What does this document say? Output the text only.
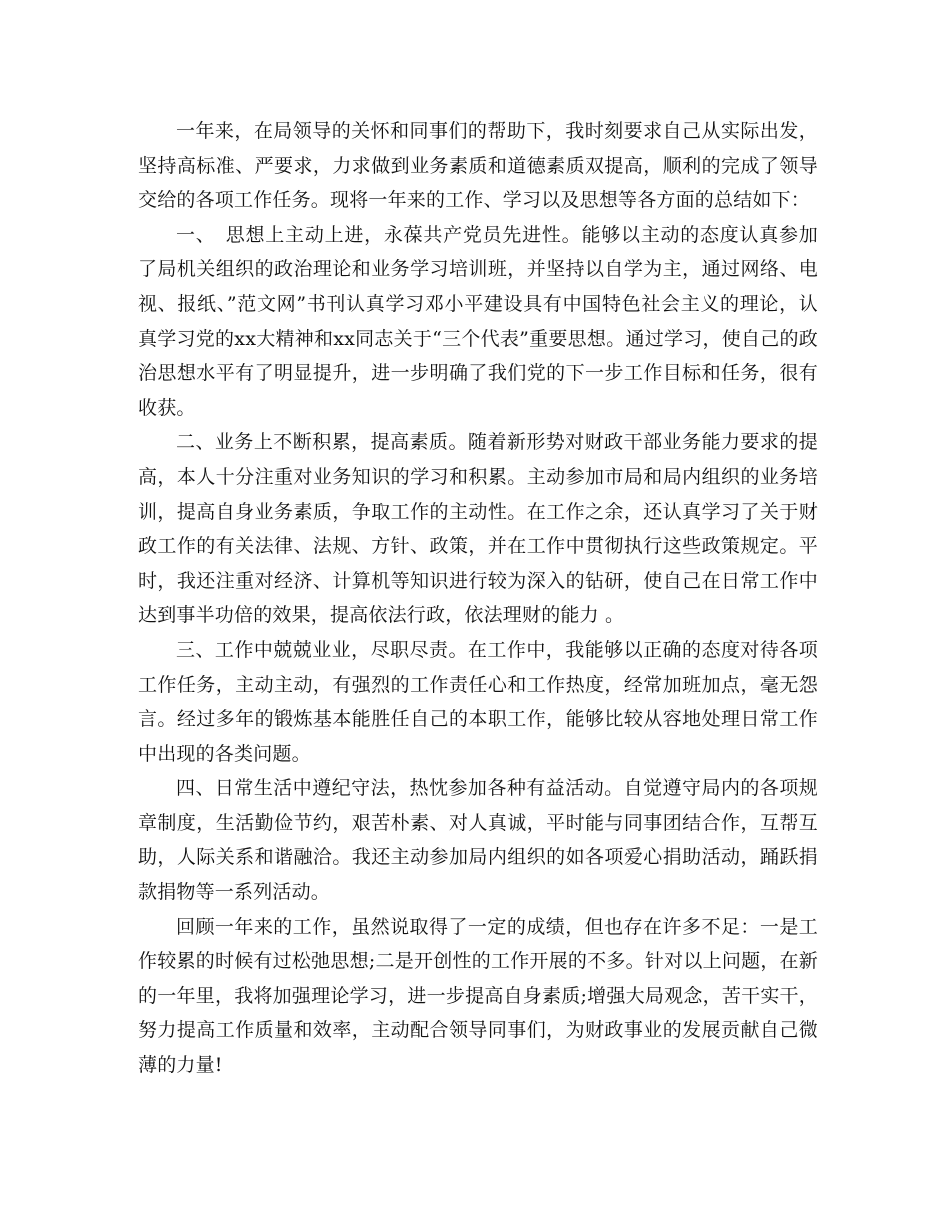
一年来，在局领导的关怀和同事们的帮助下，我时刻要求自己从实际出发，坚持高标准、严要求，力求做到业务素质和道德素质双提高，顺利的完成了领导交给的各项工作任务。现将一年来的工作、学习以及思想等各方面的总结如下：

一、　思想上主动上进，永葆共产党员先进性。能够以主动的态度认真参加了局机关组织的政治理论和业务学习培训班，并坚持以自学为主，通过网络、电视、报纸、”范文网”书刊认真学习邓小平建设具有中国特色社会主义的理论，认真学习党的xx大精神和xx同志关于“三个代表”重要思想。通过学习，使自己的政治思想水平有了明显提升，进一步明确了我们党的下一步工作目标和任务，很有收获。

二、业务上不断积累，提高素质。随着新形势对财政干部业务能力要求的提高，本人十分注重对业务知识的学习和积累。主动参加市局和局内组织的业务培训，提高自身业务素质，争取工作的主动性。在工作之余，还认真学习了关于财政工作的有关法律、法规、方针、政策，并在工作中贯彻执行这些政策规定。平时，我还注重对经济、计算机等知识进行较为深入的钻研，使自己在日常工作中达到事半功倍的效果，提高依法行政，依法理财的能力 。

三、工作中兢兢业业，尽职尽责。在工作中，我能够以正确的态度对待各项工作任务，主动主动，有强烈的工作责任心和工作热度，经常加班加点，毫无怨言。经过多年的锻炼基本能胜任自己的本职工作，能够比较从容地处理日常工作中出现的各类问题。

四、日常生活中遵纪守法，热忱参加各种有益活动。自觉遵守局内的各项规章制度，生活勤俭节约，艰苦朴素、对人真诚，平时能与同事团结合作，互帮互助，人际关系和谐融洽。我还主动参加局内组织的如各项爱心捐助活动，踊跃捐款捐物等一系列活动。

回顾一年来的工作，虽然说取得了一定的成绩，但也存在许多不足：一是工作较累的时候有过松弛思想;二是开创性的工作开展的不多。针对以上问题，在新的一年里，我将加强理论学习，进一步提高自身素质;增强大局观念，苦干实干，努力提高工作质量和效率，主动配合领导同事们，为财政事业的发展贡献自己微薄的力量!
